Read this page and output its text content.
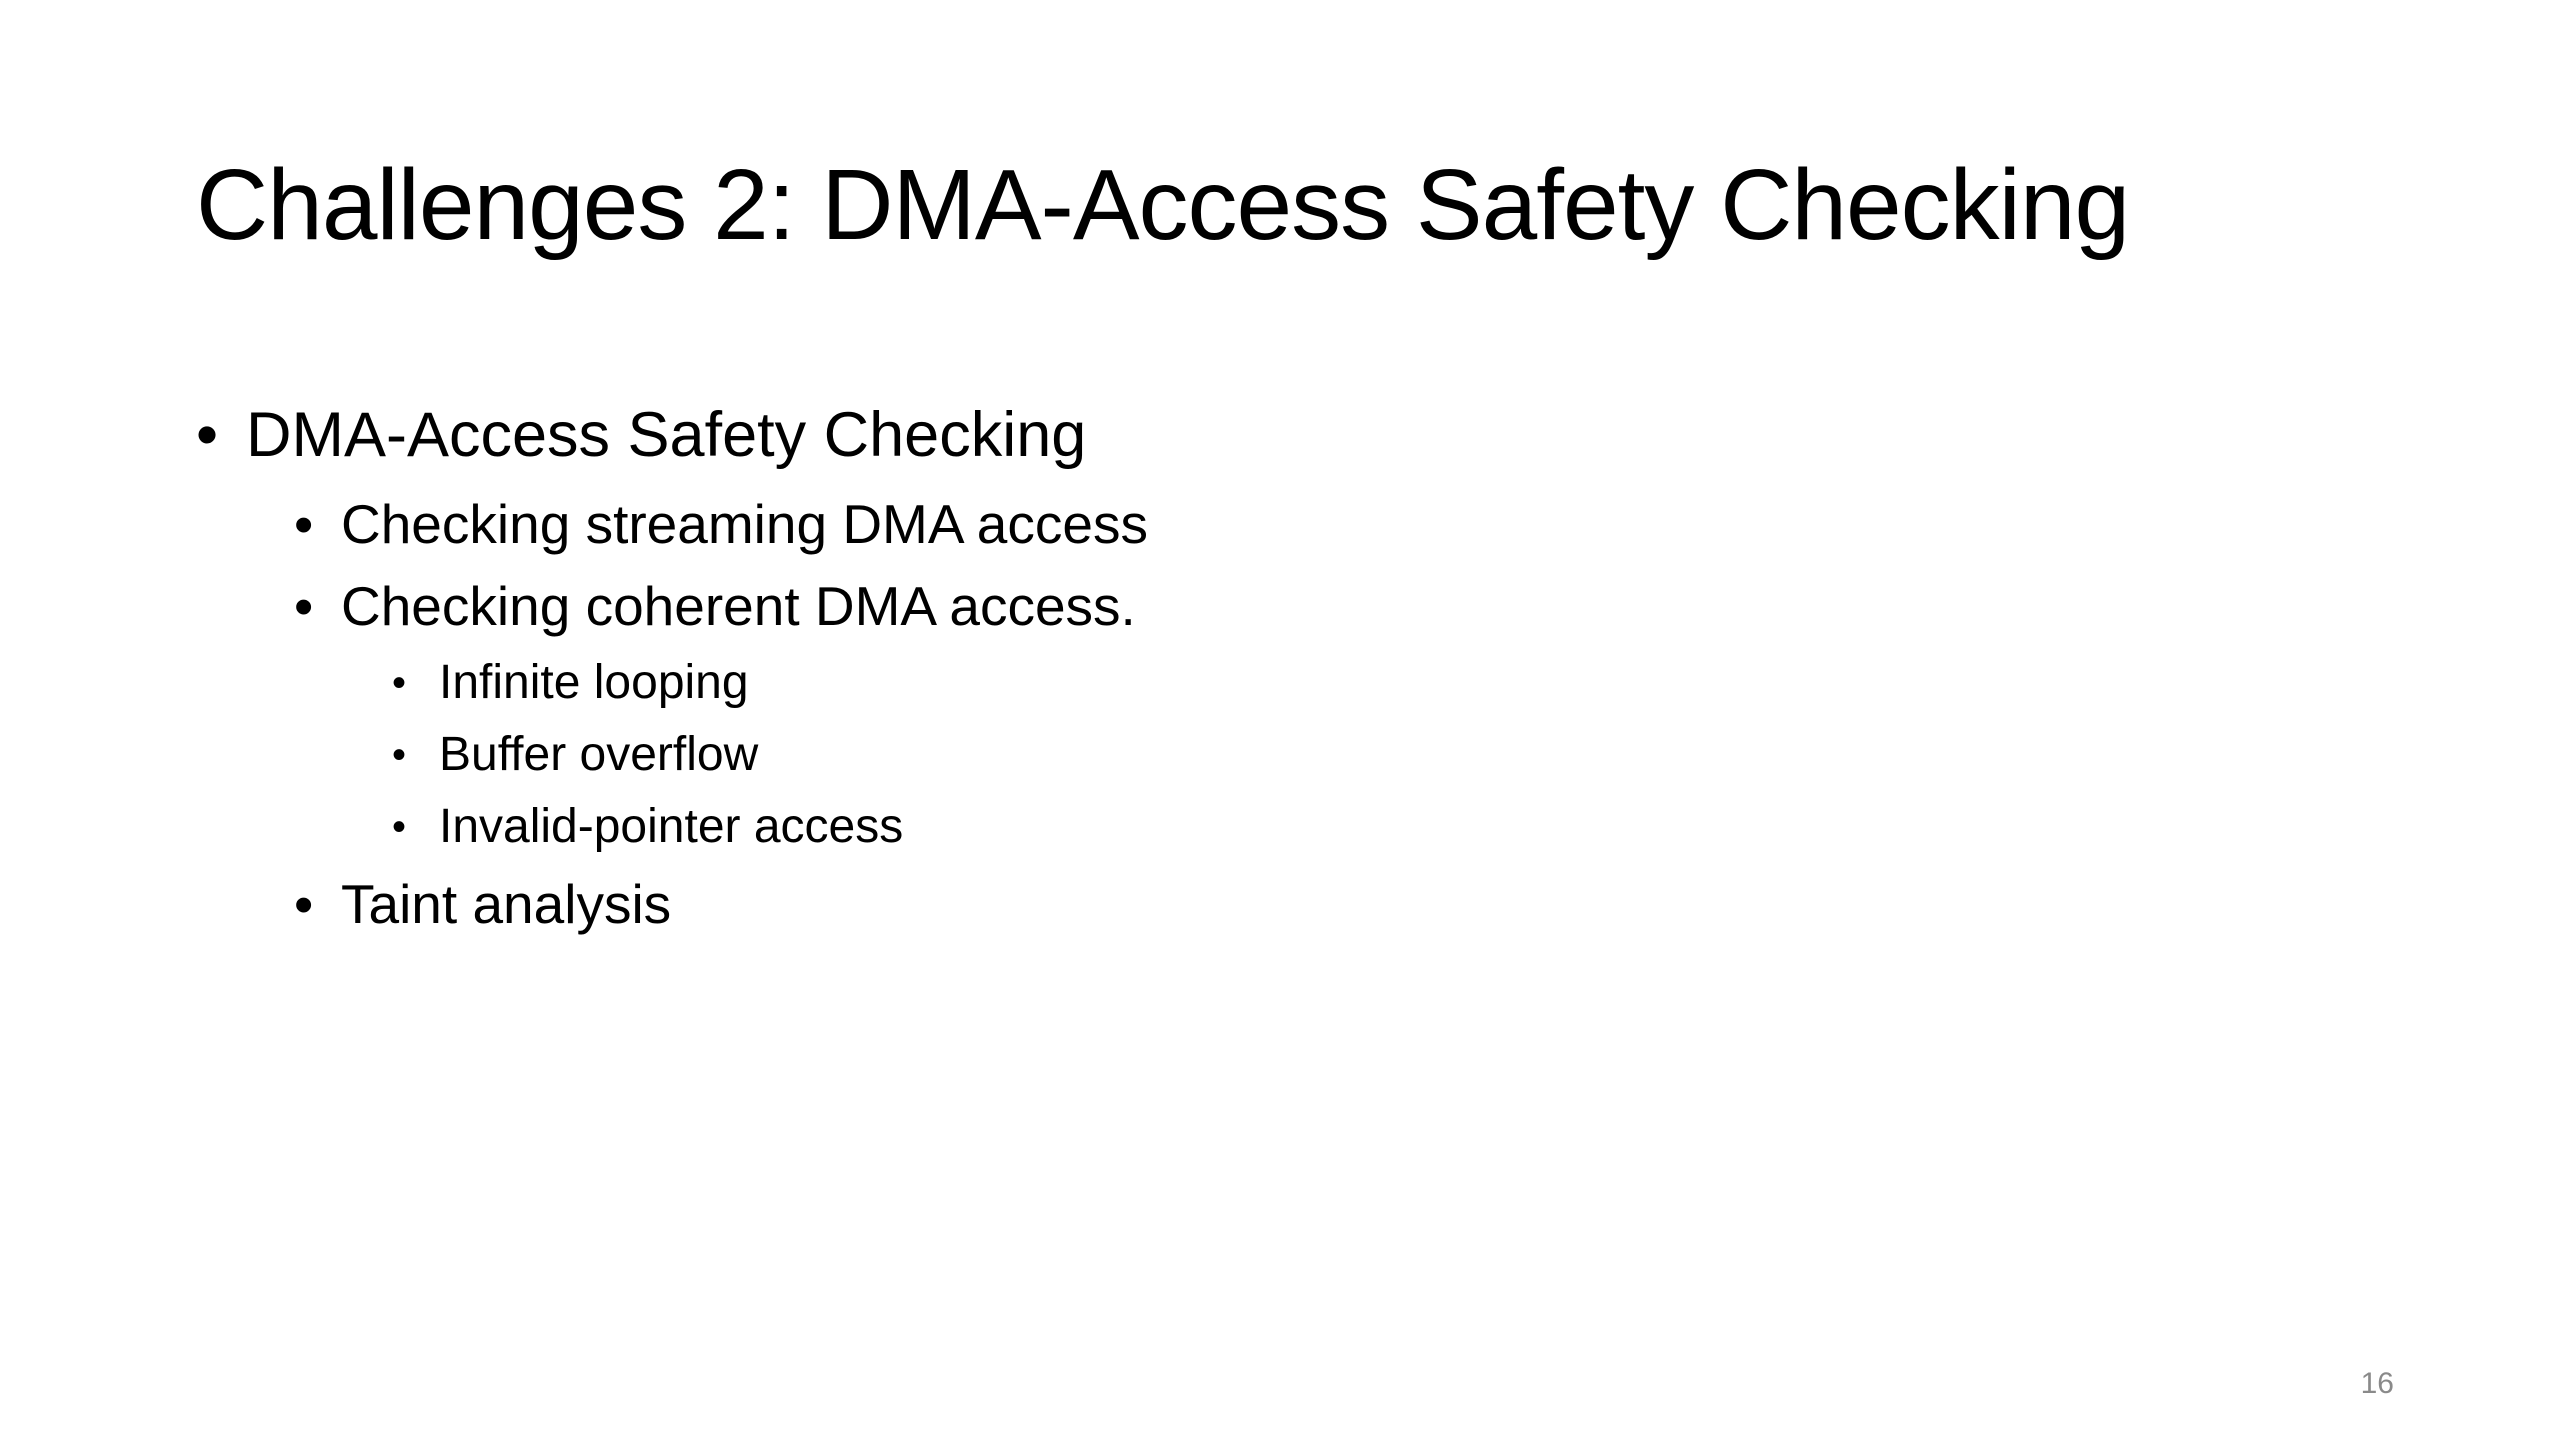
Challenges 2: DMA-Access Safety Checking
• DMA-Access Safety Checking
• Checking streaming DMA access
• Checking coherent DMA access.
• Infinite looping
• Buffer overflow
• Invalid-pointer access
• Taint analysis
16
